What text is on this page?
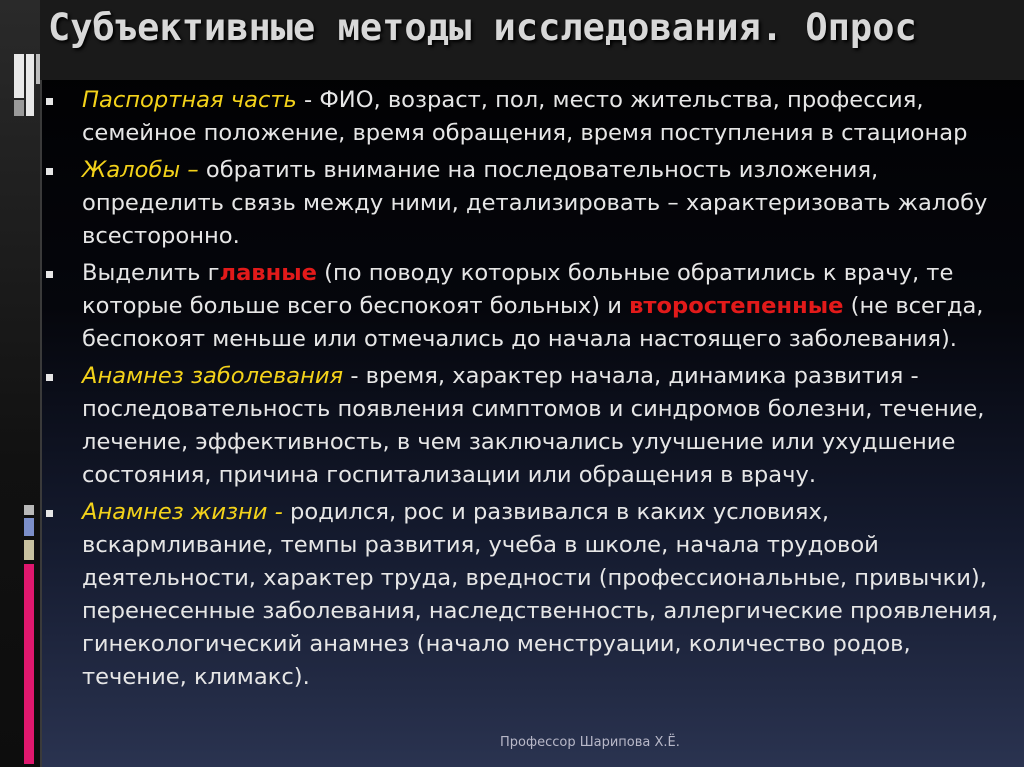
Субъективные методы исследования. Опрос
Паспортная часть - ФИО, возраст, пол, место жительства, профессия, семейное положение, время обращения, время поступления в стационар
Жалобы – обратить внимание на последовательность изложения, определить связь между ними, детализировать – характеризовать жалобу всесторонно.
Выделить главные (по поводу которых больные обратились к врачу, те которые больше всего беспокоят больных) и второстепенные (не всегда, беспокоят меньше или отмечались до начала настоящего заболевания).
Анамнез заболевания - время, характер начала, динамика развития - последовательность появления симптомов и синдромов болезни, течение, лечение, эффективность, в чем заключались улучшение или ухудшение состояния, причина госпитализации или обращения в врачу.
Анамнез жизни - родился, рос и развивался в каких условиях, вскармливание, темпы развития, учеба в школе, начала трудовой деятельности, характер труда, вредности (профессиональные, привычки), перенесенные заболевания, наследственность, аллергические проявления, гинекологический анамнез (начало менструации, количество родов, течение, климакс).
Профессор Шарипова Х.Ё.
